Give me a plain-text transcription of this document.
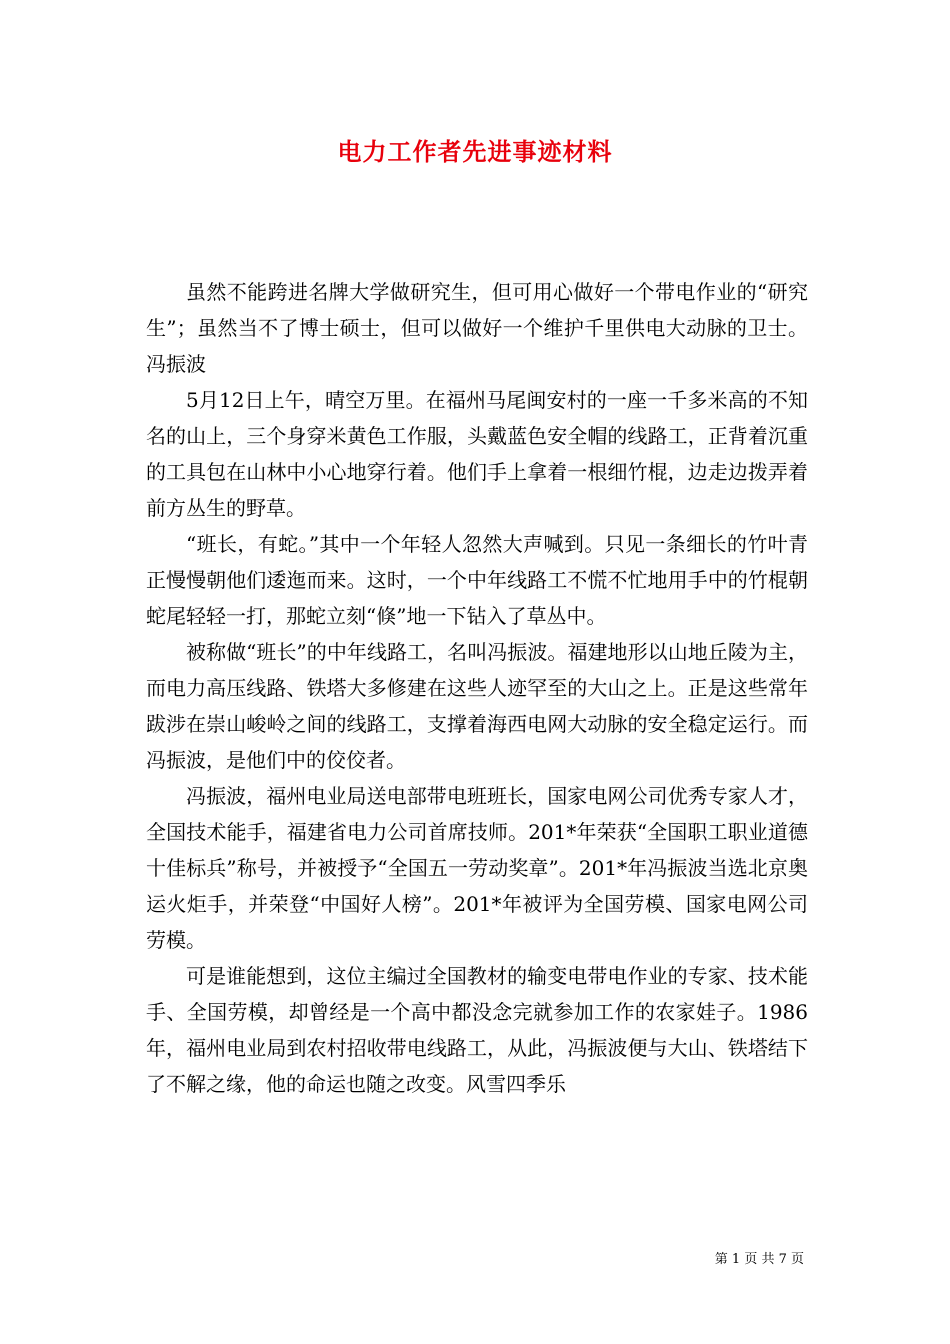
电力工作者先进事迹材料

虽然不能跨进名牌大学做研究生，但可用心做好一个带电作业的“研究生”；虽然当不了博士硕士，但可以做好一个维护千里供电大动脉的卫士。冯振波

5月12日上午，晴空万里。在福州马尾闽安村的一座一千多米高的不知名的山上，三个身穿米黄色工作服，头戴蓝色安全帽的线路工，正背着沉重的工具包在山林中小心地穿行着。他们手上拿着一根细竹棍，边走边拨弄着前方丛生的野草。

“班长，有蛇。”其中一个年轻人忽然大声喊到。只见一条细长的竹叶青正慢慢朝他们逶迤而来。这时，一个中年线路工不慌不忙地用手中的竹棍朝蛇尾轻轻一打，那蛇立刻“倏”地一下钻入了草丛中。

被称做“班长”的中年线路工，名叫冯振波。福建地形以山地丘陵为主，而电力高压线路、铁塔大多修建在这些人迹罕至的大山之上。正是这些常年跋涉在崇山峻岭之间的线路工，支撑着海西电网大动脉的安全稳定运行。而冯振波，是他们中的佼佼者。

冯振波，福州电业局送电部带电班班长，国家电网公司优秀专家人才，全国技术能手，福建省电力公司首席技师。201*年荣获“全国职工职业道德十佳标兵”称号，并被授予“全国五一劳动奖章”。201*年冯振波当选北京奥运火炬手，并荣登“中国好人榜”。201*年被评为全国劳模、国家电网公司劳模。

可是谁能想到，这位主编过全国教材的输变电带电作业的专家、技术能手、全国劳模，却曾经是一个高中都没念完就参加工作的农家娃子。1986年，福州电业局到农村招收带电线路工，从此，冯振波便与大山、铁塔结下了不解之缘，他的命运也随之改变。风雪四季乐

第 1 页 共 7 页
